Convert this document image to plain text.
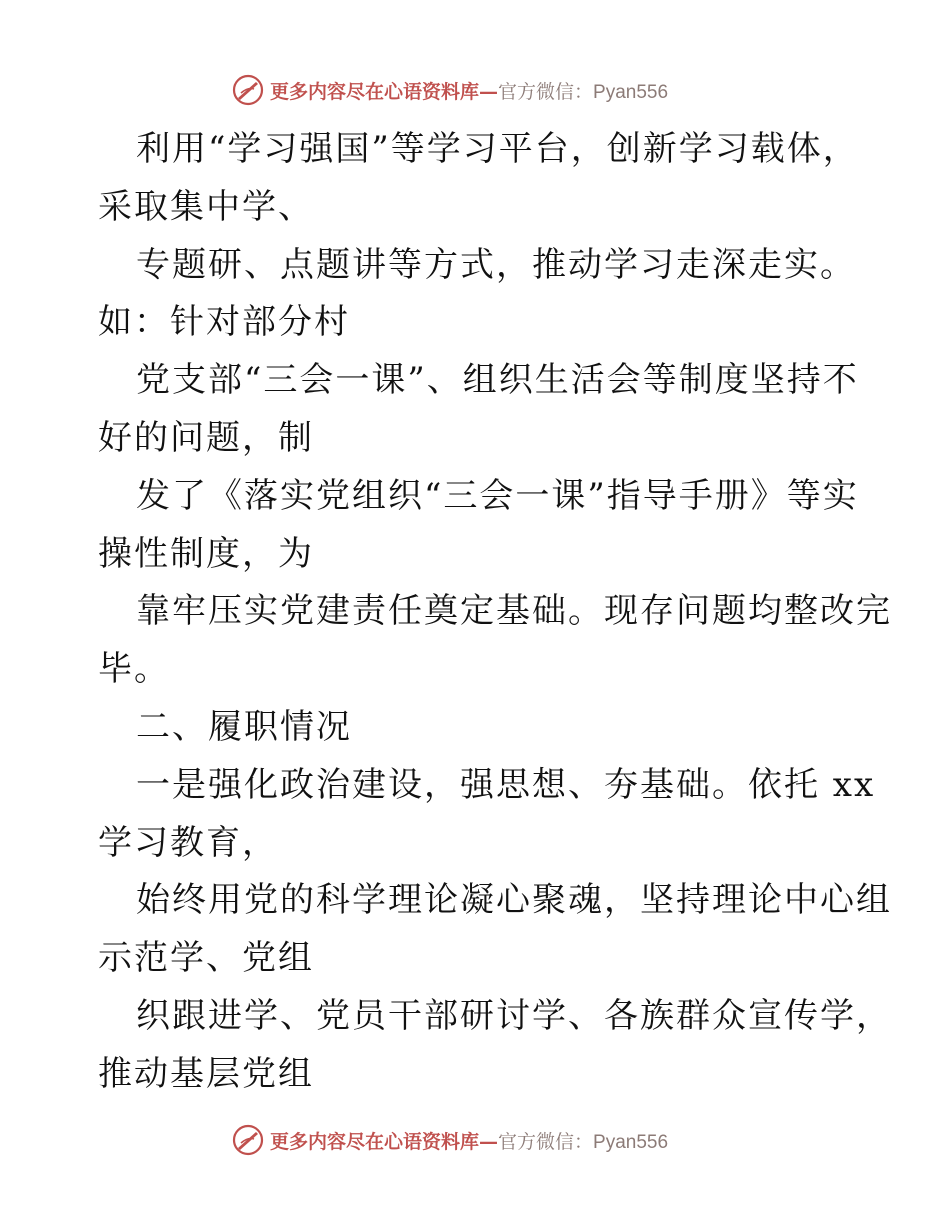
更多内容尽在心语资料库—官方微信：Pyan556
利用“学习强国”等学习平台，创新学习载体，
采取集中学、
专题研、点题讲等方式，推动学习走深走实。
如：针对部分村
党支部“三会一课”、组织生活会等制度坚持不
好的问题，制
发了《落实党组织“三会一课”指导手册》等实
操性制度，为
靠牢压实党建责任奠定基础。现存问题均整改完
毕。
二、履职情况
一是强化政治建设，强思想、夯基础。依托 xx
学习教育，
始终用党的科学理论凝心聚魂，坚持理论中心组
示范学、党组
织跟进学、党员干部研讨学、各族群众宣传学，
推动基层党组
更多内容尽在心语资料库—官方微信：Pyan556
